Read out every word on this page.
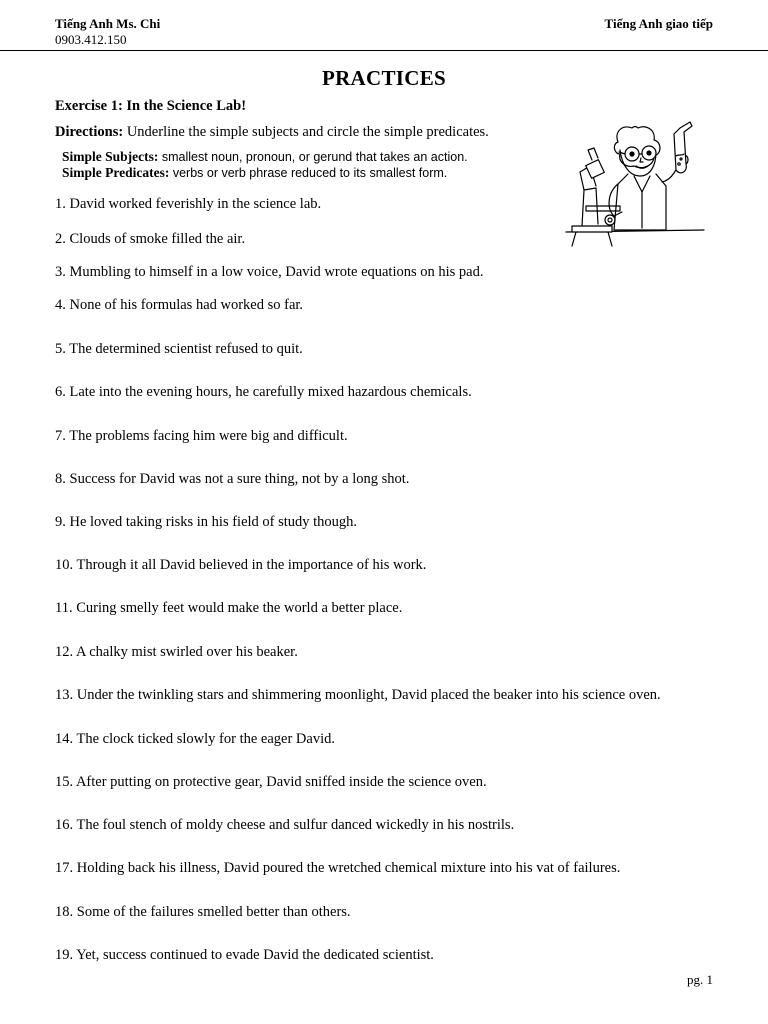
Tiếng Anh Ms. Chi
0903.412.150
Tiếng Anh giao tiếp
PRACTICES
Exercise 1: In the Science Lab!
Directions: Underline the simple subjects and circle the simple predicates.
Simple Subjects: smallest noun, pronoun, or gerund that takes an action.
Simple Predicates: verbs or verb phrase reduced to its smallest form.
1. David worked feverishly in the science lab.
2. Clouds of smoke filled the air.
3. Mumbling to himself in a low voice, David wrote equations on his pad.
4. None of his formulas had worked so far.
5. The determined scientist refused to quit.
6. Late into the evening hours, he carefully mixed hazardous chemicals.
7. The problems facing him were big and difficult.
8. Success for David was not a sure thing, not by a long shot.
9. He loved taking risks in his field of study though.
10. Through it all David believed in the importance of his work.
11. Curing smelly feet would make the world a better place.
12. A chalky mist swirled over his beaker.
13. Under the twinkling stars and shimmering moonlight, David placed the beaker into his science oven.
14. The clock ticked slowly for the eager David.
15. After putting on protective gear, David sniffed inside the science oven.
16. The foul stench of moldy cheese and sulfur danced wickedly in his nostrils.
17. Holding back his illness, David poured the wretched chemical mixture into his vat of failures.
18. Some of the failures smelled better than others.
19. Yet, success continued to evade David the dedicated scientist.
pg. 1
